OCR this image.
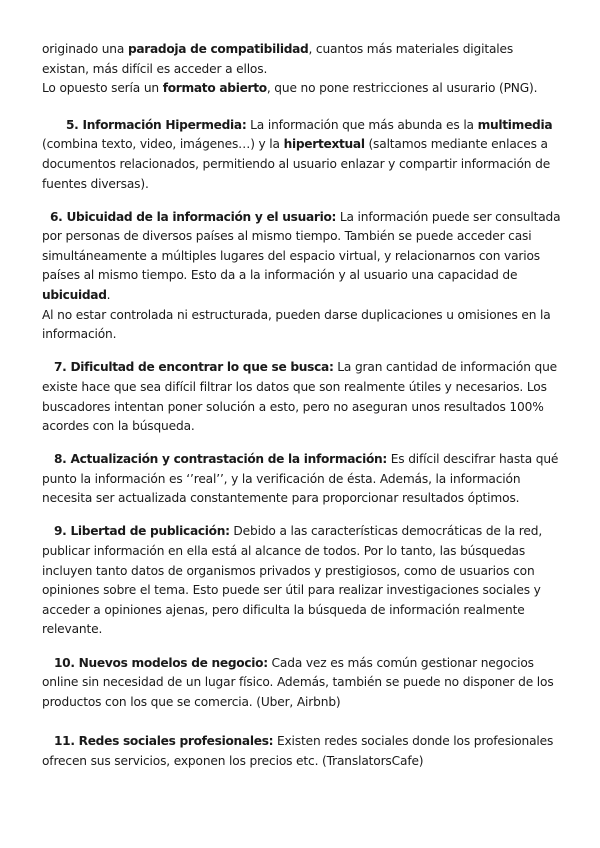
originado una paradoja de compatibilidad, cuantos más materiales digitales existan, más difícil es acceder a ellos.

Lo opuesto sería un formato abierto, que no pone restricciones al usurario (PNG).

5. Información Hipermedia: La información que más abunda es la multimedia (combina texto, video, imágenes…) y la hipertextual (saltamos mediante enlaces a documentos relacionados, permitiendo al usuario enlazar y compartir información de fuentes diversas).

6. Ubicuidad de la información y el usuario: La información puede ser consultada por personas de diversos países al mismo tiempo. También se puede acceder casi simultáneamente a múltiples lugares del espacio virtual, y relacionarnos con varios países al mismo tiempo. Esto da a la información y al usuario una capacidad de ubicuidad.

Al no estar controlada ni estructurada, pueden darse duplicaciones u omisiones en la información.

7. Dificultad de encontrar lo que se busca: La gran cantidad de información que existe hace que sea difícil filtrar los datos que son realmente útiles y necesarios. Los buscadores intentan poner solución a esto, pero no aseguran unos resultados 100% acordes con la búsqueda.

8. Actualización y contrastación de la información: Es difícil descifrar hasta qué punto la información es ‘’real’’, y la verificación de ésta. Además, la información necesita ser actualizada constantemente para proporcionar resultados óptimos.

9. Libertad de publicación: Debido a las características democráticas de la red, publicar información en ella está al alcance de todos. Por lo tanto, las búsquedas incluyen tanto datos de organismos privados y prestigiosos, como de usuarios con opiniones sobre el tema. Esto puede ser útil para realizar investigaciones sociales y acceder a opiniones ajenas, pero dificulta la búsqueda de información realmente relevante.

10. Nuevos modelos de negocio: Cada vez es más común gestionar negocios online sin necesidad de un lugar físico. Además, también se puede no disponer de los productos con los que se comercia. (Uber, Airbnb)

11. Redes sociales profesionales: Existen redes sociales donde los profesionales ofrecen sus servicios, exponen los precios etc. (TranslatorsCafe)
